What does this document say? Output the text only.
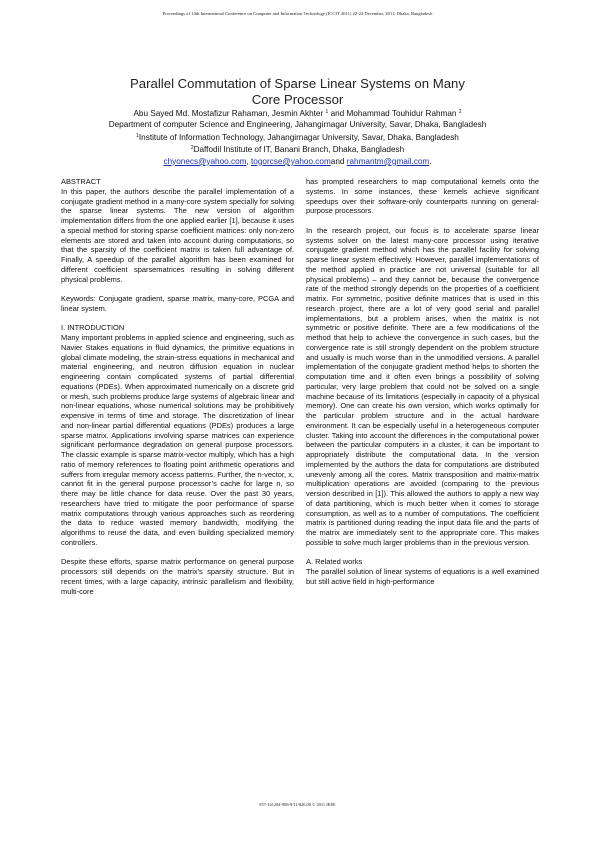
Proceedings of 14th International Conference on Computer and Information Technology (ICCIT 2011) 22-24 December, 2011, Dhaka, Bangladesh
Parallel Commutation of Sparse Linear Systems on Many
Core Processor
Abu Sayed Md. Mostafizur Rahaman, Jesmin Akhter $^1$ and Mohammad Touhidur Rahman $^2$
Department of computer Science and Engineering, Jahangirnagar University, Savar, Dhaka, Bangladesh
$^1$Institute of Information Technology, Jahangirnagar University, Savar, Dhaka, Bangladesh
$^2$Daffodil Institute of IT, Banani Branch, Dhaka, Bangladesh
chyonecs@yahoo.com, togorcse@yahoo.comand rahmantm@gmail.com.

ABSTRACT

In this paper, the authors describe the parallel implementation of a conjugate gradient method in a many-core system specially for solving the sparse linear systems. The new version of algorithm implementation differs from the one applied earlier [1], because it uses a special method for storing sparse coefficient matrices: only non-zero elements are stored and taken into account during computations, so that the sparsity of the coefficient matrix is taken full advantage of. Finally, A speedup of the parallel algorithm has been examined for different coefficient sparsematrices resulting in solving different physical problems.

Keywords: Conjugate gradient, sparse matrix, many-core, PCGA and linear system.

I. INTRODUCTION

Many important problems in applied science and engineering, such as Navier Stakes equations in fluid dynamics, the primitive equations in global climate modeling, the strain-stress equations in mechanical and material engineering, and neutron diffusion equation in nuclear engineering contain complicated systems of partial differential equations (PDEs). When approximated numerically on a discrete grid or mesh, such problems produce large systems of algebraic linear and non-linear equations, whose numerical solutions may be prohibitively expensive in terms of time and storage. The discretization of linear and non-linear partial differential equations (PDEs) produces a large sparse matrix. Applications involving sparse matrices can experience significant performance degradation on general purpose processors. The classic example is sparse matrix-vector multiply, which has a high ratio of memory references to floating point arithmetic operations and suffers from irregular memory access patterns. Further, the n-vector, x, cannot fit in the general purpose processor’s cache for large n, so there may be little chance for data reuse. Over the past 30 years, researchers have tried to mitigate the poor performance of sparse matrix computations through various approaches such as reordering the data to reduce wasted memory bandwidth, modifying the algorithms to reuse the data, and even building specialized memory controllers.

Despite these efforts, sparse matrix performance on general purpose processors still depends on the matrix's sparsity structure. But in recent times, with a large capacity, intrinsic parallelism and flexibility, multi-core

has prompted researchers to map computational kernels onto the systems. In some instances, these kernels achieve significant speedups over their software-only counterparts running on general-purpose processors.

In the research project, our focus is to accelerate sparse linear systems solver on the latest many-core processor using iterative conjugate gradient method which has the parallel facility for solving sparse linear system effectively. However, parallel implementations of the method applied in practice are not universal (suitable for all physical problems) – and they cannot be, because the convergence rate of the method strongly depends on the properties of a coefficient matrix. For symmetric, positive definite matrices that is used in this research project, there are a lot of very good serial and parallel implementations, but a problem arises, when the matrix is not symmetric or positive definite. There are a few modifications of the method that help to achieve the convergence in such cases, but the convergence rate is still strongly dependent on the problem structure and usually is much worse than in the unmodified versions. A parallel implementation of the conjugate gradient method helps to shorten the computation time and it often even brings a possibility of solving particular, very large problem that could not be solved on a single machine because of its limitations (especially in capacity of a physical memory). One can create his own version, which works optimally for the particular problem structure and in the actual hardware environment. It can be especially useful in a heterogeneous computer cluster. Taking into account the differences in the computational power between the particular computers in a cluster, it can be important to appropriately distribute the computational data. In the version implemented by the authors the data for computations are distributed unevenly among all the cores. Matrix transposition and matrix-matrix multiplication operations are avoided (comparing to the previous version described in [1]). This allowed the authors to apply a new way of data partitioning, which is much better when it comes to storage consumption, as well as to a number of computations. The coefficient matrix is partitioned during reading the input data file and the parts of the matrix are immediately sent to the appropriate core. This makes possible to solve much larger problems than in the previous version.

A. Related works

The parallel solution of linear systems of equations is a well examined but still active field in high-performance

957-161284-908-9/11/$26.00 © 2011 IEEE
